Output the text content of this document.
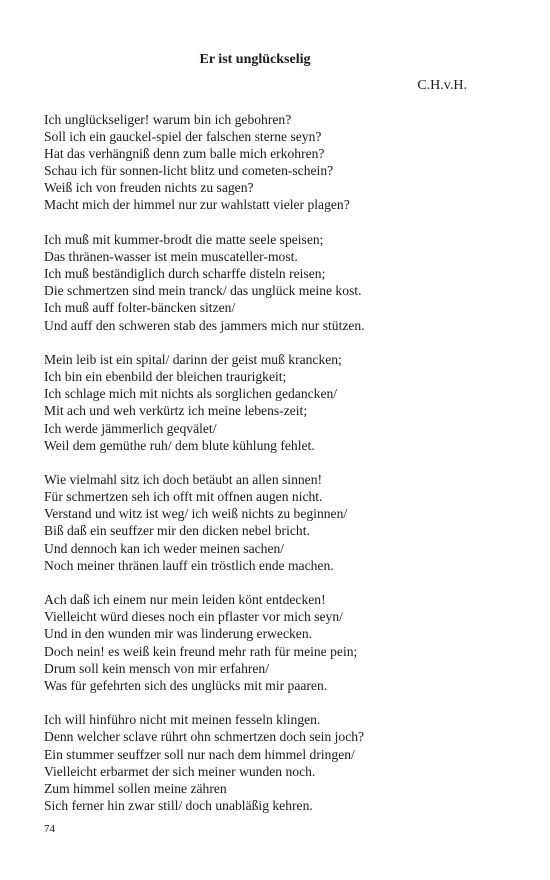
Er ist unglückselig
C.H.v.H.
Ich unglückseliger! warum bin ich gebohren?
Soll ich ein gauckel-spiel der falschen sterne seyn?
Hat das verhängniß denn zum balle mich erkohren?
Schau ich für sonnen-licht blitz und cometen-schein?
Weiß ich von freuden nichts zu sagen?
Macht mich der himmel nur zur wahlstatt vieler plagen?
Ich muß mit kummer-brodt die matte seele speisen;
Das thränen-wasser ist mein muscateller-most.
Ich muß beständiglich durch scharffe disteln reisen;
Die schmertzen sind mein tranck/ das unglück meine kost.
Ich muß auff folter-bäncken sitzen/
Und auff den schweren stab des jammers mich nur stützen.
Mein leib ist ein spital/ darinn der geist muß krancken;
Ich bin ein ebenbild der bleichen traurigkeit;
Ich schlage mich mit nichts als sorglichen gedancken/
Mit ach und weh verkürtz ich meine lebens-zeit;
Ich werde jämmerlich geqvälet/
Weil dem gemüthe ruh/ dem blute kühlung fehlet.
Wie vielmahl sitz ich doch betäubt an allen sinnen!
Für schmertzen seh ich offt mit offnen augen nicht.
Verstand und witz ist weg/ ich weiß nichts zu beginnen/
Biß daß ein seuffzer mir den dicken nebel bricht.
Und dennoch kan ich weder meinen sachen/
Noch meiner thränen lauff ein tröstlich ende machen.
Ach daß ich einem nur mein leiden könt entdecken!
Vielleicht würd dieses noch ein pflaster vor mich seyn/
Und in den wunden mir was linderung erwecken.
Doch nein! es weiß kein freund mehr rath für meine pein;
Drum soll kein mensch von mir erfahren/
Was für gefehrten sich des unglücks mit mir paaren.
Ich will hinführo nicht mit meinen fesseln klingen.
Denn welcher sclave rührt ohn schmertzen doch sein joch?
Ein stummer seuffzer soll nur nach dem himmel dringen/
Vielleicht erbarmet der sich meiner wunden noch.
Zum himmel sollen meine zähren
Sich ferner hin zwar still/ doch unabläßig kehren.
74
